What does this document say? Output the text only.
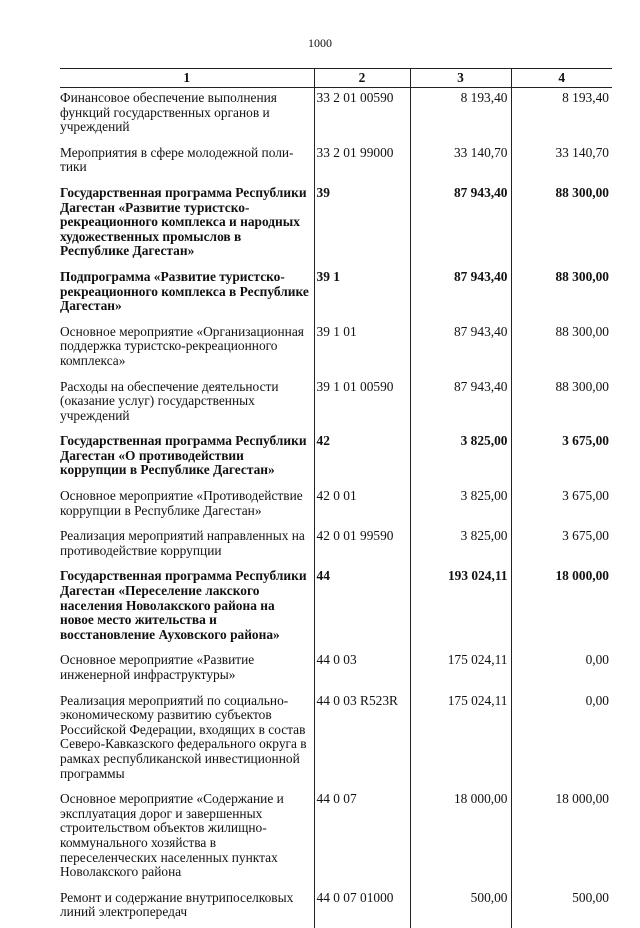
1000
1	2	3	4
Финансовое обеспечение выполнения функций государственных органов и учреждений	33 2 01 00590	8 193,40	8 193,40
Мероприятия в сфере молодежной поли-тики	33 2 01 99000	33 140,70	33 140,70
Государственная программа Республики Дагестан «Развитие туристско-рекреационного комплекса и народных художественных промыслов в Республике Дагестан»	39	87 943,40	88 300,00
Подпрограмма «Развитие туристско-рекреационного комплекса в Республике Дагестан»	39 1	87 943,40	88 300,00
Основное мероприятие «Организационная поддержка туристско-рекреационного комплекса»	39 1 01	87 943,40	88 300,00
Расходы на обеспечение деятельности (оказание услуг) государственных учреждений	39 1 01 00590	87 943,40	88 300,00
Государственная программа Республики Дагестан «О противодействии коррупции в Республике Дагестан»	42	3 825,00	3 675,00
Основное мероприятие «Противодействие коррупции в Республике Дагестан»	42 0 01	3 825,00	3 675,00
Реализация мероприятий направленных на противодействие коррупции	42 0 01 99590	3 825,00	3 675,00
Государственная программа Республики Дагестан «Переселение лакского населения Новолакского района на новое место жительства и восстановление Ауховского района»	44	193 024,11	18 000,00
Основное мероприятие «Развитие инженерной инфраструктуры»	44 0 03	175 024,11	0,00
Реализация мероприятий по социально-экономическому развитию субъектов Российской Федерации, входящих в состав Северо-Кавказского федерального округа в рамках республиканской инвестиционной программы	44 0 03 R523R	175 024,11	0,00
Основное мероприятие «Содержание и эксплуатация дорог и завершенных строительством объектов жилищно-коммунального хозяйства в переселенческих населенных пунктах Новолакского района	44 0 07	18 000,00	18 000,00
Ремонт и содержание внутрипоселковых линий электропередач	44 0 07 01000	500,00	500,00
